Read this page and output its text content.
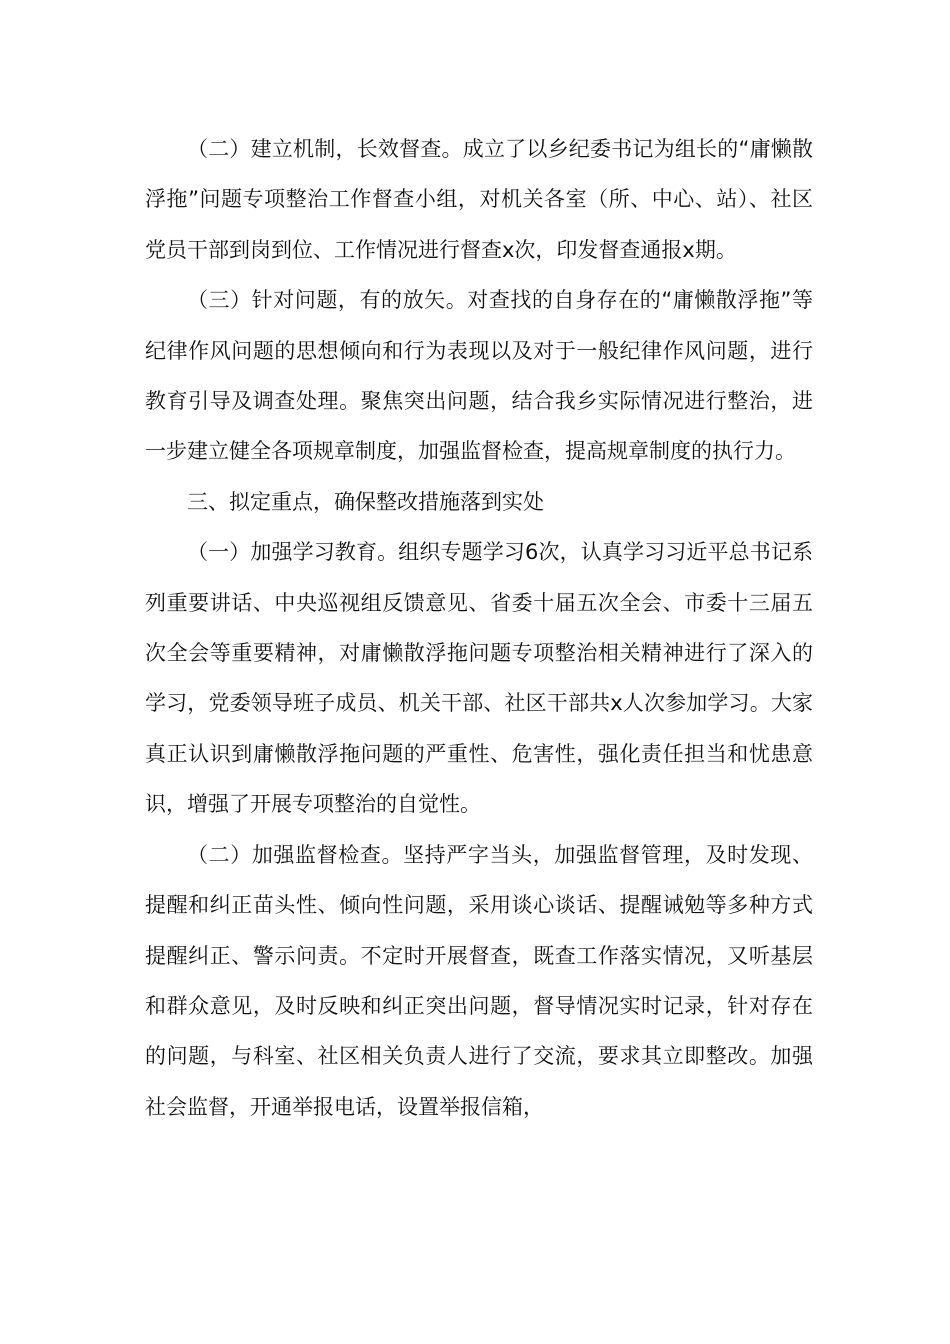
（二）建立机制，长效督查。成立了以乡纪委书记为组长的“庸懒散浮拖”问题专项整治工作督查小组，对机关各室（所、中心、站）、社区党员干部到岗到位、工作情况进行督查x次，印发督查通报x期。

（三）针对问题，有的放矢。对查找的自身存在的“庸懒散浮拖”等纪律作风问题的思想倾向和行为表现以及对于一般纪律作风问题，进行教育引导及调查处理。聚焦突出问题，结合我乡实际情况进行整治，进一步建立健全各项规章制度，加强监督检查，提高规章制度的执行力。

三、拟定重点，确保整改措施落到实处

（一）加强学习教育。组织专题学习6次，认真学习习近平总书记系列重要讲话、中央巡视组反馈意见、省委十届五次全会、市委十三届五次全会等重要精神，对庸懒散浮拖问题专项整治相关精神进行了深入的学习，党委领导班子成员、机关干部、社区干部共x人次参加学习。大家真正认识到庸懒散浮拖问题的严重性、危害性，强化责任担当和忧患意识，增强了开展专项整治的自觉性。

（二）加强监督检查。坚持严字当头，加强监督管理，及时发现、提醒和纠正苗头性、倾向性问题，采用谈心谈话、提醒诫勉等多种方式提醒纠正、警示问责。不定时开展督查，既查工作落实情况，又听基层和群众意见，及时反映和纠正突出问题，督导情况实时记录，针对存在的问题，与科室、社区相关负责人进行了交流，要求其立即整改。加强社会监督，开通举报电话，设置举报信箱，
